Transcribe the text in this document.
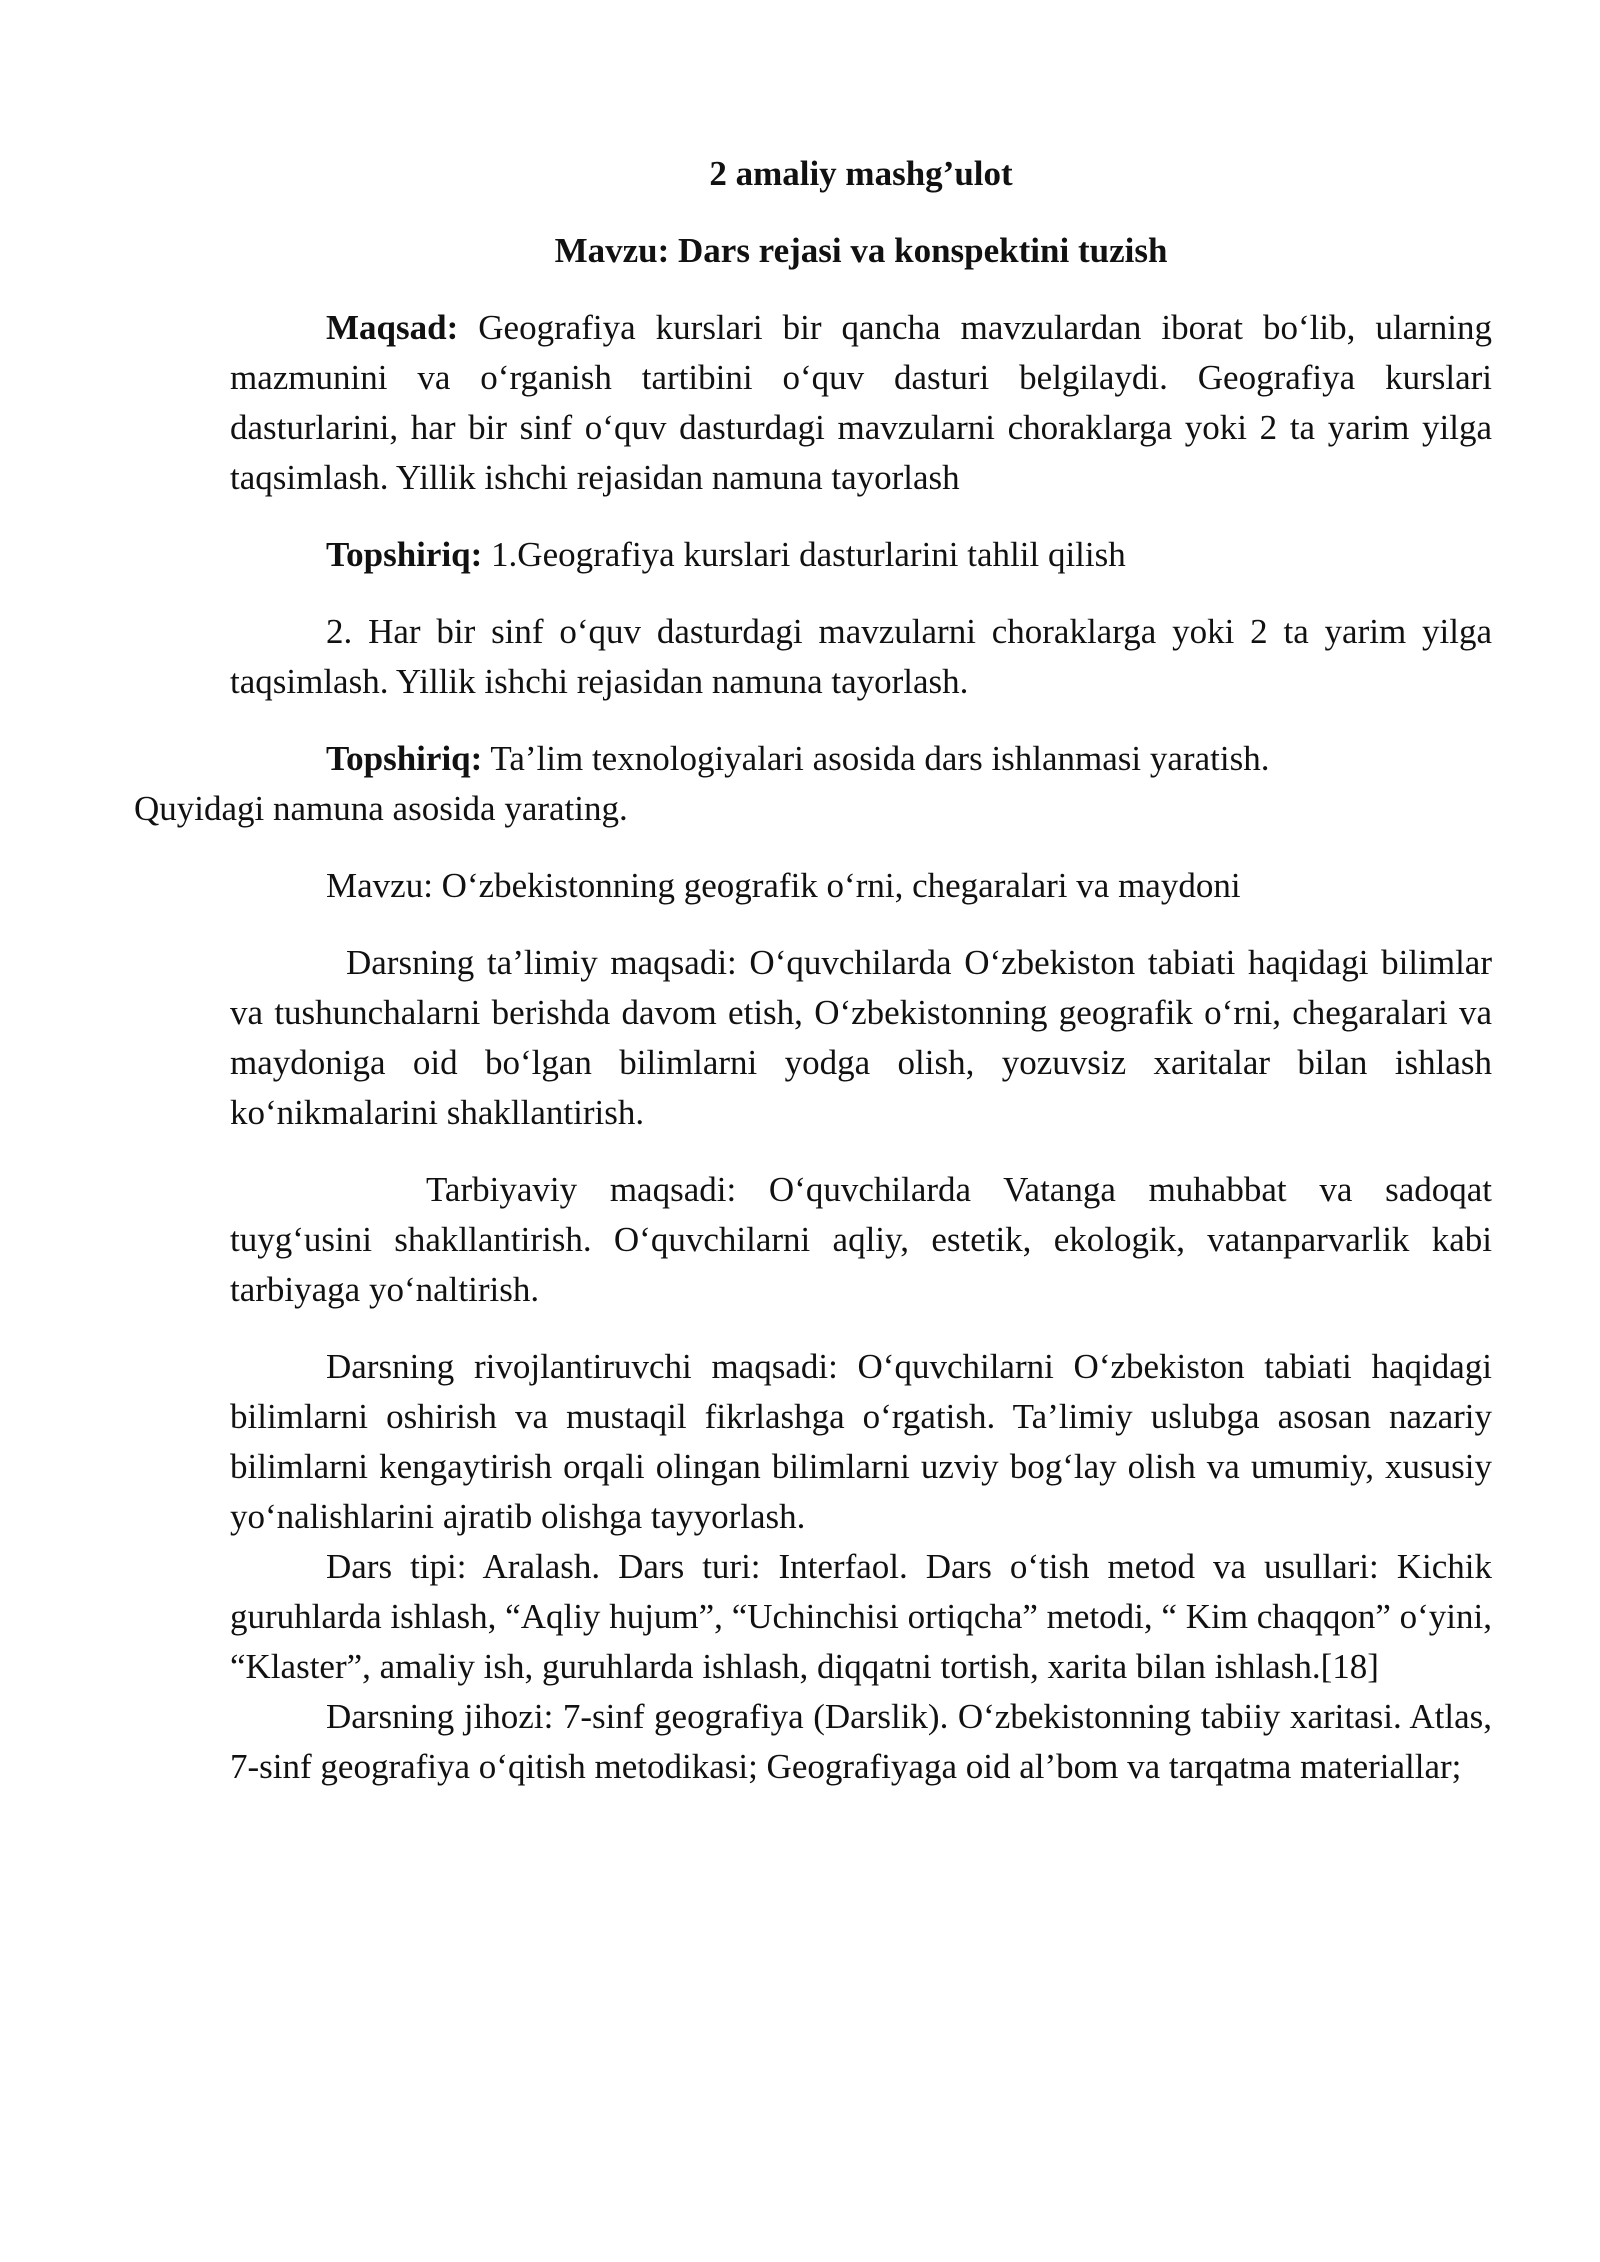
2 amaliy mashg’ulot

Mavzu: Dars rejasi va konspektini tuzish

Maqsad: Geografiya kurslari bir qancha mavzulardan iborat bo‘lib, ularning mazmunini va o‘rganish tartibini o‘quv dasturi belgilaydi. Geografiya kurslari dasturlarini, har bir sinf o‘quv dasturdagi mavzularni choraklarga yoki 2 ta yarim yilga taqsimlash. Yillik ishchi rejasidan namuna tayorlash

Topshiriq: 1.Geografiya kurslari dasturlarini tahlil qilish

2. Har bir sinf o‘quv dasturdagi mavzularni choraklarga yoki 2 ta yarim yilga taqsimlash. Yillik ishchi rejasidan namuna tayorlash.

Topshiriq: Ta’lim texnologiyalari asosida dars ishlanmasi yaratish.
Quyidagi namuna asosida yarating.

Mavzu: O‘zbekistonning geografik o‘rni, chegaralari va maydoni

Darsning ta’limiy maqsadi: O‘quvchilarda O‘zbekiston tabiati haqidagi bilimlar va tushunchalarni berishda davom etish, O‘zbekistonning geografik o‘rni, chegaralari va maydoniga oid bo‘lgan bilimlarni yodga olish, yozuvsiz xaritalar bilan ishlash ko‘nikmalarini shakllantirish.

Tarbiyaviy maqsadi: O‘quvchilarda Vatanga muhabbat va sadoqat tuyg‘usini shakllantirish. O‘quvchilarni aqliy, estetik, ekologik, vatanparvarlik kabi tarbiyaga yo‘naltirish.

Darsning rivojlantiruvchi maqsadi: O‘quvchilarni O‘zbekiston tabiati haqidagi bilimlarni oshirish va mustaqil fikrlashga o‘rgatish. Ta’limiy uslubga asosan nazariy bilimlarni kengaytirish orqali olingan bilimlarni uzviy bog‘lay olish va umumiy, xususiy yo‘nalishlarini ajratib olishga tayyorlash.

Dars tipi: Aralash. Dars turi: Interfaol. Dars o‘tish metod va usullari: Kichik guruhlarda ishlash, “Aqliy hujum”, “Uchinchisi ortiqcha” metodi, “ Kim chaqqon” o‘yini, “Klaster”, amaliy ish, guruhlarda ishlash, diqqatni tortish, xarita bilan ishlash.[18]

Darsning jihozi: 7-sinf geografiya (Darslik). O‘zbekistonning tabiiy xaritasi. Atlas, 7-sinf geografiya o‘qitish metodikasi; Geografiyaga oid al’bom va tarqatma materiallar;
